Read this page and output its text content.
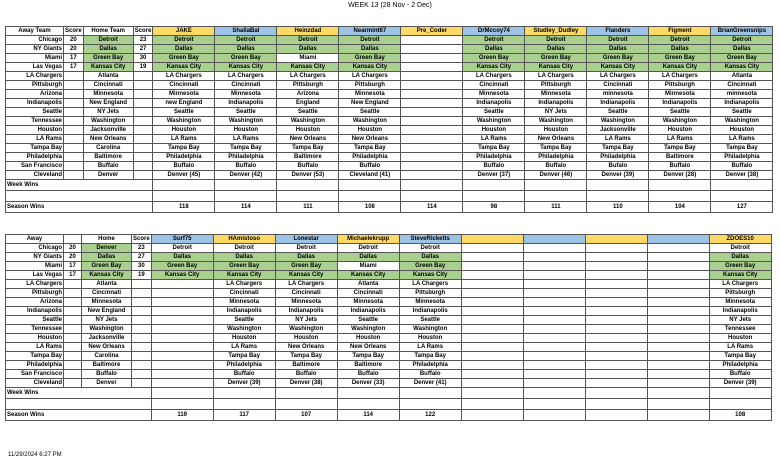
WEEK 13 (28 Nov - 2 Dec)
Away Team	Score	Home Team	Score	JAKE	ShallaBal	Heinzdad	Nearmint67	Pre_Coder	DrMccoy74	Studley_Dudley	Flanders	Figment	BrianGreensnips
Chicago	20	Detroit	23	Detroit	Detroit	Detroit	Detroit		Detroit	Detroit	Detroit	Detroit	Detroit
NY Giants	20	Dallas	27	Dallas	Dallas	Dallas	Dallas		Dallas	Dallas	Dallas	Dallas	Dallas
Miami	17	Green Bay	30	Green Bay	Green Bay	Miami	Green Bay		Green Bay	Green Bay	Green Bay	Green Bay	Green Bay
Las Vegas	17	Kansas City	19	Kansas City	Kansas City	Kansas City	Kansas City		Kansas City	Kansas City	Kansas City	Kansas City	Kansas City
LA Chargers		Atlanta		LA Chargers	LA Chargers	LA Chargers	LA Chargers		LA Chargers	LA Chargers	LA Chargers	LA Chargers	Atlanta
Pittsburgh		Cincinnati		Cincinnati	Cincinnati	Pittsburgh	Pittsburgh		Cincinnati	Pittsburgh	Cincinnati	Pittsburgh	Cincinnati
Arizona		Minnesota		Minnesota	Minnesota	Arizona	Minnesota		Minnesota	Minnesota	minnesota	Minnesota	minnesota
Indianapolis		New England		new England	Indianapolis	England	New England		Indianapolis	Indianapolis	Indianapolis	Indianapolis	Indianapolis
Seattle		NY Jets		Seattle	Seattle	Seattle	Seattle		Seattle	NY Jets	Seattle	Seattle	Seattle
Tennessee		Washington		Washington	Washington	Washington	Washington		Washington	Washington	Washington	Washington	Washington
Houston		Jacksonville		Houston	Houston	Houston	Houston		Houston	Houston	Jacksonville	Houston	Houston
LA Rams		New Orleans		LA Rams	LA Rams	New Orleans	New Orleans		LA Rams	New Orleans	LA Rams	LA Rams	LA Rams
Tampa Bay		Carolina		Tampa Bay	Tampa Bay	Tampa Bay	Tampa Bay		Tampa Bay	Tampa Bay	Tampa Bay	Tampa Bay	Tampa Bay
Philadelphia		Baltimore		Philadelphia	Philadelphia	Baltimore	Philadelphia		Philadelphia	Philadelphia	Philadelphia	Baltimore	Philadelphia
San Francisco		Buffalo		Buffalo	Buffalo	Buffalo	Buffalo		Buffalo	Buffalo	Bufalo	Buffalo	Buffalo
Cleveland		Denver		Denver (45)	Denver (42)	Denver (53)	Cleveland (41)		Denver (37)	Denver (46)	Denver (39)	Denver (28)	Denver (38)
Week Wins													

Season Wins				118	114	111	108	114	98	111	110	104	127
Away		Home	Score	Surf75	HAmistoso	Lonestar	Michaelekrupp	SteveRicketts					ZDOES10
Chicago	20	Denver	23	Detroit	Detroit	Detroit	Detroit	Detroit					Detroit
NY Giants	20	Dallas	27	Dallas	Dallas	Dallas	Dallas	Dallas					Dallas
Miami	17	Green Bay	30	Green Bay	Green Bay	Green Bay	Miami	Green Bay					Green Bay
Las Vegas	17	Kansas City	19	Kansas City	Kansas City	Kansas City	Kansas City	Kansas City					Kansas City
LA Chargers		Atlanta			LA Chargers	LA Chargers	Atlanta	LA Chargers					LA Chargers
Pittsburgh		Cincinnati			Cincinnati	Cincinnati	Cincinnati	Pittsburgh					Pittsburgh
Arizona		Minnesota			Minnesota	Minnesota	Minnesota	Minnesota					Minnesota
Indianapolis		New England			Indianapolis	Indianapolis	Indianapolis	Indianapolis					Indianapolis
Seattle		NY Jets			Seattle	NY Jets	Seattle	Seattle					NY Jets
Tennessee		Washington			Washington	Washington	Washington	Washington					Tennessee
Houston		Jacksonville			Houston	Houston	Houston	Houston					Houston
LA Rams		New Orleans			LA Rams	New Orleans	New Orleans	LA Rams					LA Rams
Tampa Bay		Carolina			Tampa Bay	Tampa Bay	Tampa Bay	Tampa Bay					Tampa Bay
Philadelphia		Baltimore			Philadelphia	Baltimore	Baltimore	Philadelphia					Philadelphia
San Francisco		Buffalo			Buffalo	Buffalo	Buffalo	Buffalo					Buffalo
Cleveland		Denver			Denver (39)	Denver (38)	Denver (33)	Denver (41)					Denver (39)
Week Wins													

Season Wins				119	117	107	114	122					108
11/29/2024 6:27 PM
